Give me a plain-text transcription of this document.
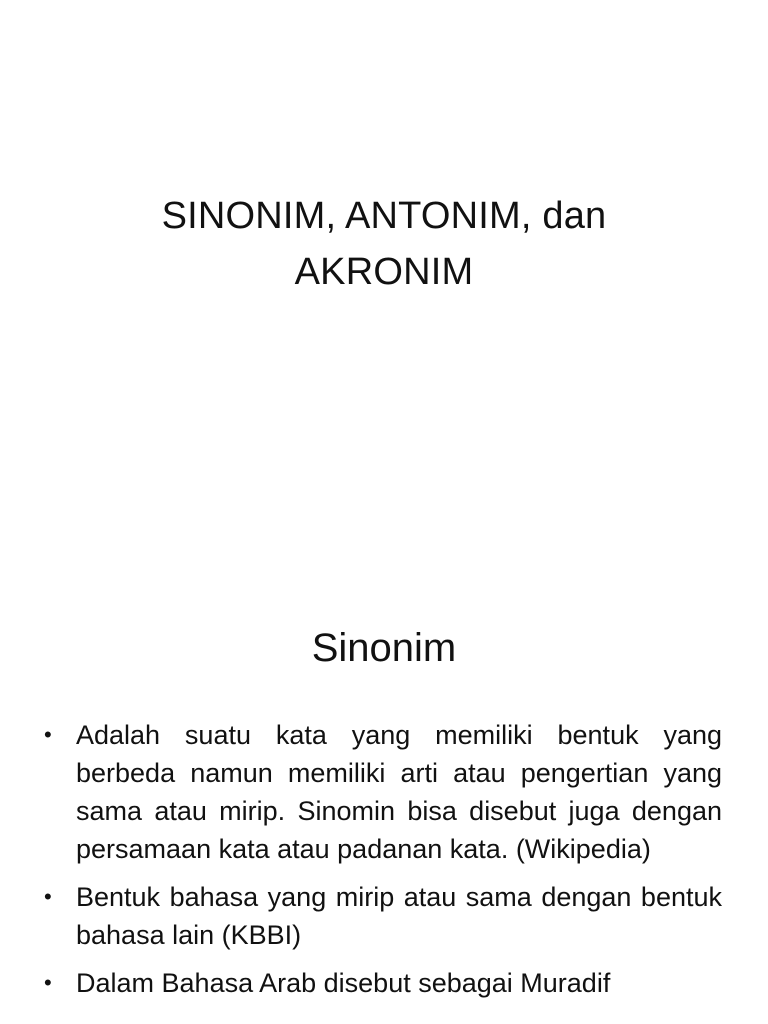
SINONIM, ANTONIM, dan
AKRONIM
Sinonim
• Adalah suatu kata yang memiliki bentuk yang berbeda namun memiliki arti atau pengertian yang sama atau mirip. Sinomin bisa disebut juga dengan persamaan kata atau padanan kata. (Wikipedia)
• Bentuk bahasa yang mirip atau sama dengan bentuk bahasa lain (KBBI)
• Dalam Bahasa Arab disebut sebagai Muradif
